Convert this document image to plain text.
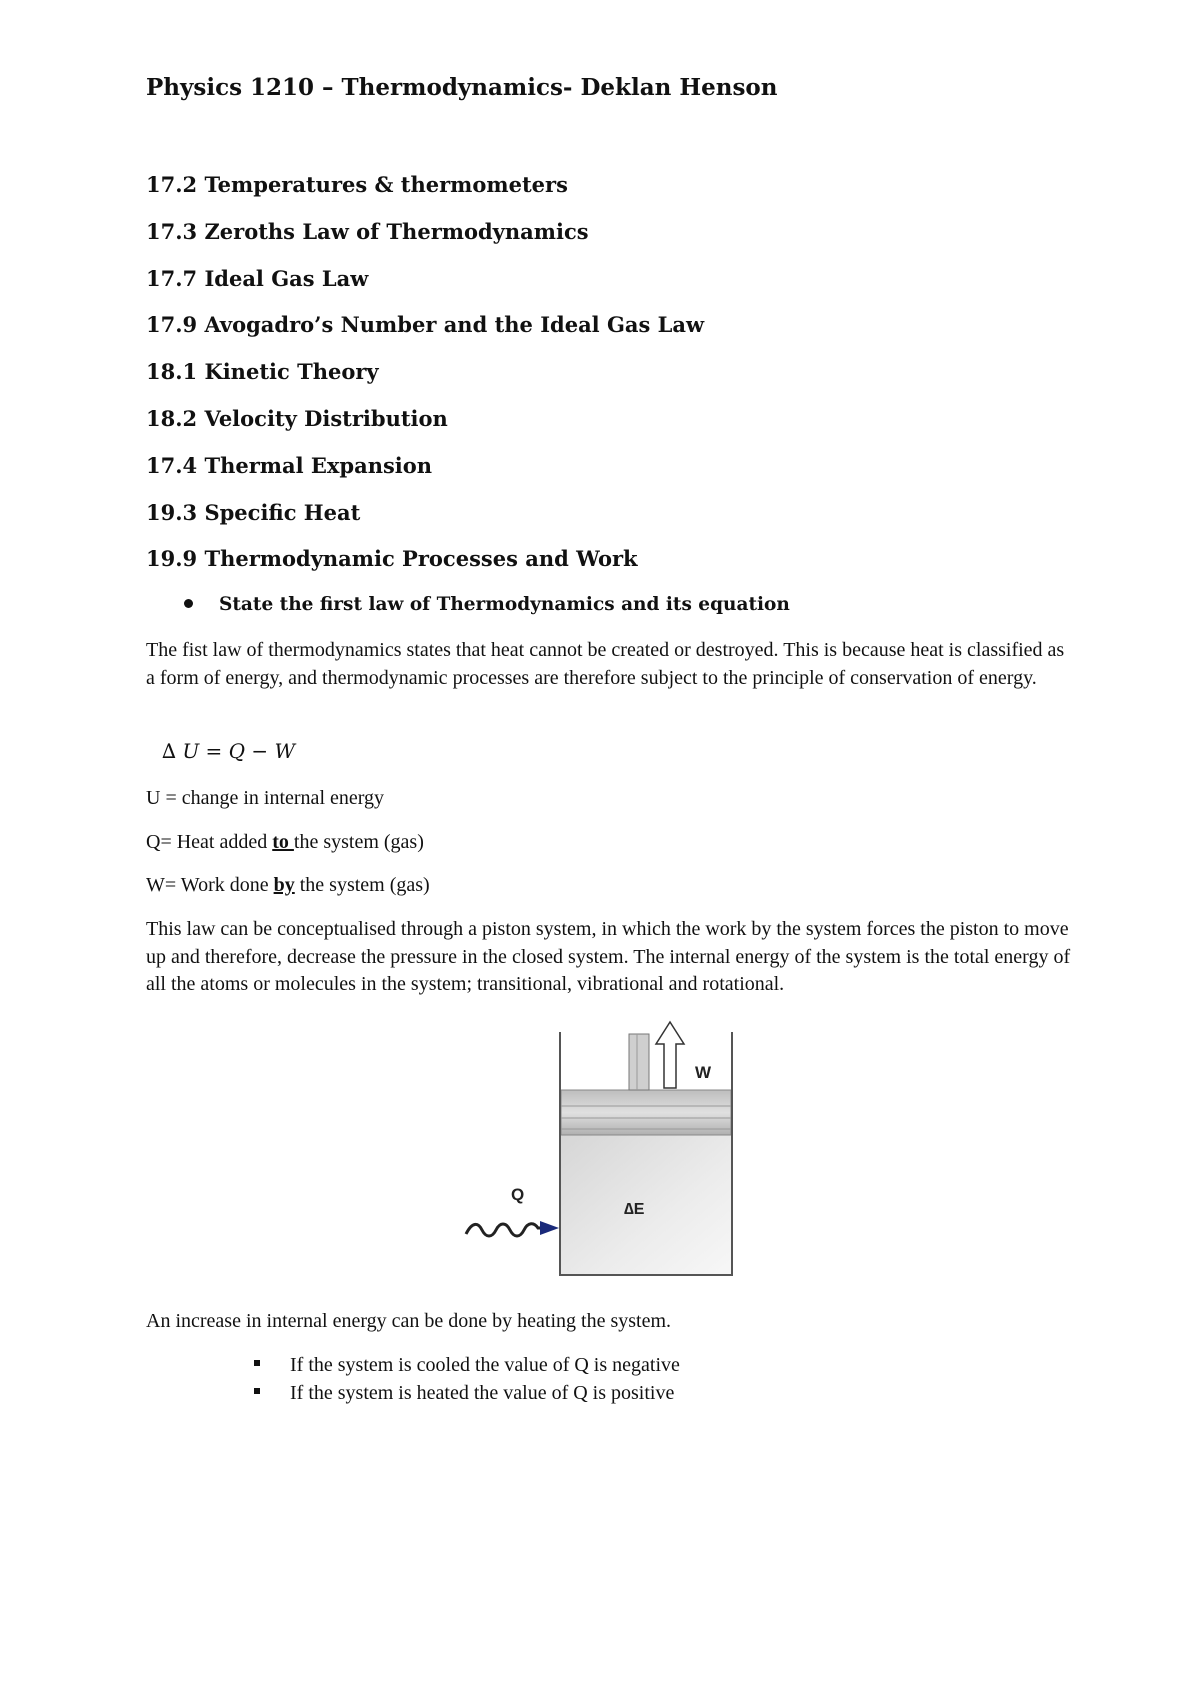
Physics 1210 – Thermodynamics- Deklan Henson
17.2 Temperatures & thermometers
17.3 Zeroths Law of Thermodynamics
17.7 Ideal Gas Law
17.9 Avogadro’s Number and the Ideal Gas Law
18.1 Kinetic Theory
18.2 Velocity Distribution
17.4 Thermal Expansion
19.3 Specific Heat
19.9 Thermodynamic Processes and Work
State the first law of Thermodynamics and its equation
The fist law of thermodynamics states that heat cannot be created or destroyed. This is because heat is classified as a form of energy, and thermodynamic processes are therefore subject to the principle of conservation of energy.
∆ U = Q − W
U = change in internal energy
Q= Heat added to the system (gas)
W= Work done by the system (gas)
This law can be conceptualised through a piston system, in which the work by the system forces the piston to move up and therefore, decrease the pressure in the closed system. The internal energy of the system is the total energy of all the atoms or molecules in the system; transitional, vibrational and rotational.
An increase in internal energy can be done by heating the system.
If the system is cooled the value of Q is negative
If the system is heated the value of Q is positive
W
∆E
Q
